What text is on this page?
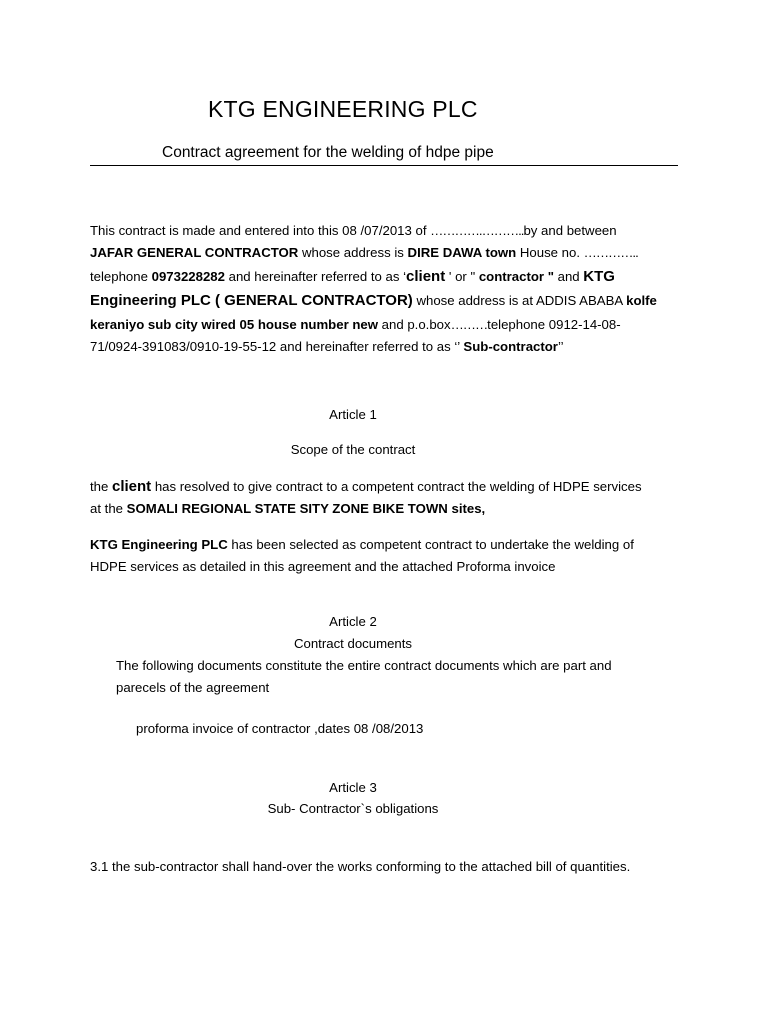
KTG ENGINEERING PLC
Contract agreement for the welding of hdpe pipe
This contract is made and entered into this 08 /07/2013 of ………….………..by and between
JAFAR GENERAL CONTRACTOR whose address is DIRE DAWA town House no. …………..
telephone 0973228282 and hereinafter referred to as ‘client ' or " contractor " and KTG
Engineering PLC ( GENERAL CONTRACTOR) whose address is at ADDIS ABABA kolfe
keraniyo sub city wired 05 house number new and p.o.box………telephone 0912-14-08-
71/0924-391083/0910-19-55-12 and hereinafter referred to as ‘’ Sub-contractor’’
Article 1
Scope of the contract
the client has resolved to give contract to a competent contract the welding of HDPE services
at the SOMALI REGIONAL STATE SITY ZONE BIKE TOWN sites,
KTG Engineering PLC has been selected as competent contract to undertake the welding of
HDPE services as detailed in this agreement and the attached Proforma invoice
Article 2
Contract documents
The following documents constitute the entire contract documents which are part and
parecels of the agreement
proforma invoice of contractor ,dates 08 /08/2013
Article 3
Sub- Contractor`s obligations
3.1 the sub-contractor shall hand-over the works conforming to the attached bill of quantities.
